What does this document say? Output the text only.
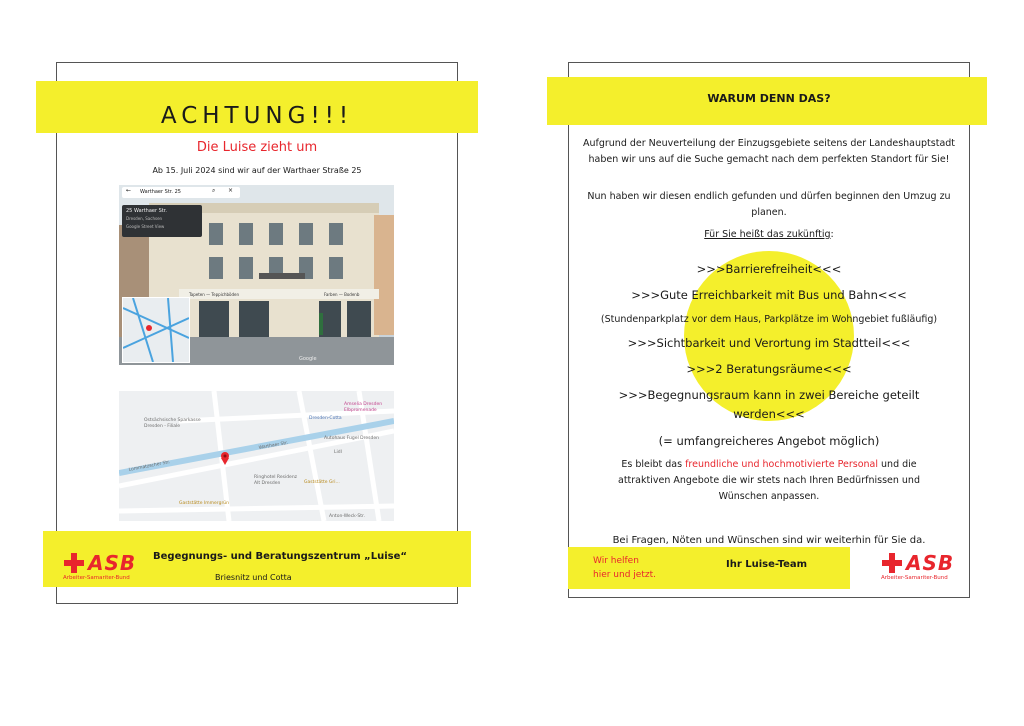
ACHTUNG!!!
Die Luise zieht um
Ab 15. Juli 2024 sind wir auf der Warthaer Straße 25
Tapeten — Teppichböden	Farben — Bodenb
Google
← Warthaer Str. 25	⌕ ×
25 Warthaer Str.
Dresden, Sachsen
Google Street View
Ostsächsische Sparkasse
Dresden - Filiale
Amselia Dresden
Elbpromenade
Dresden-Cotta
Autohaus Fugel Dresden
Lidl
Ringhotel Residenz
Alt Dresden	Gaststätte Gri...
Gaststätte Immergrün
Warthaer Str.
Lommatzscher Str.
Anton-Weck-Str.
ASB
Arbeiter-Samariter-Bund
Begegnungs- und Beratungszentrum „Luise“
Briesnitz und Cotta
WARUM DENN DAS?
Aufgrund der Neuverteilung der Einzugsgebiete seitens der Landeshauptstadt haben wir uns auf die Suche gemacht nach dem perfekten Standort für Sie!
Nun haben wir diesen endlich gefunden und dürfen beginnen den Umzug zu planen.
Für Sie heißt das zukünftig:
>>>Barrierefreiheit<<<
>>>Gute Erreichbarkeit mit Bus und Bahn<<<
(Stundenparkplatz vor dem Haus, Parkplätze im Wohngebiet fußläufig)
>>>Sichtbarkeit und Verortung im Stadtteil<<<
>>>2 Beratungsräume<<<
>>>Begegnungsraum kann in zwei Bereiche geteilt werden<<<
(= umfangreicheres Angebot möglich)
Es bleibt das freundliche und hochmotivierte Personal und die attraktiven Angebote die wir stets nach Ihren Bedürfnissen und Wünschen anpassen.
Bei Fragen, Nöten und Wünschen sind wir weiterhin für Sie da.
Wir helfen
hier und jetzt.
Ihr Luise-Team	ASB
Arbeiter-Samariter-Bund
